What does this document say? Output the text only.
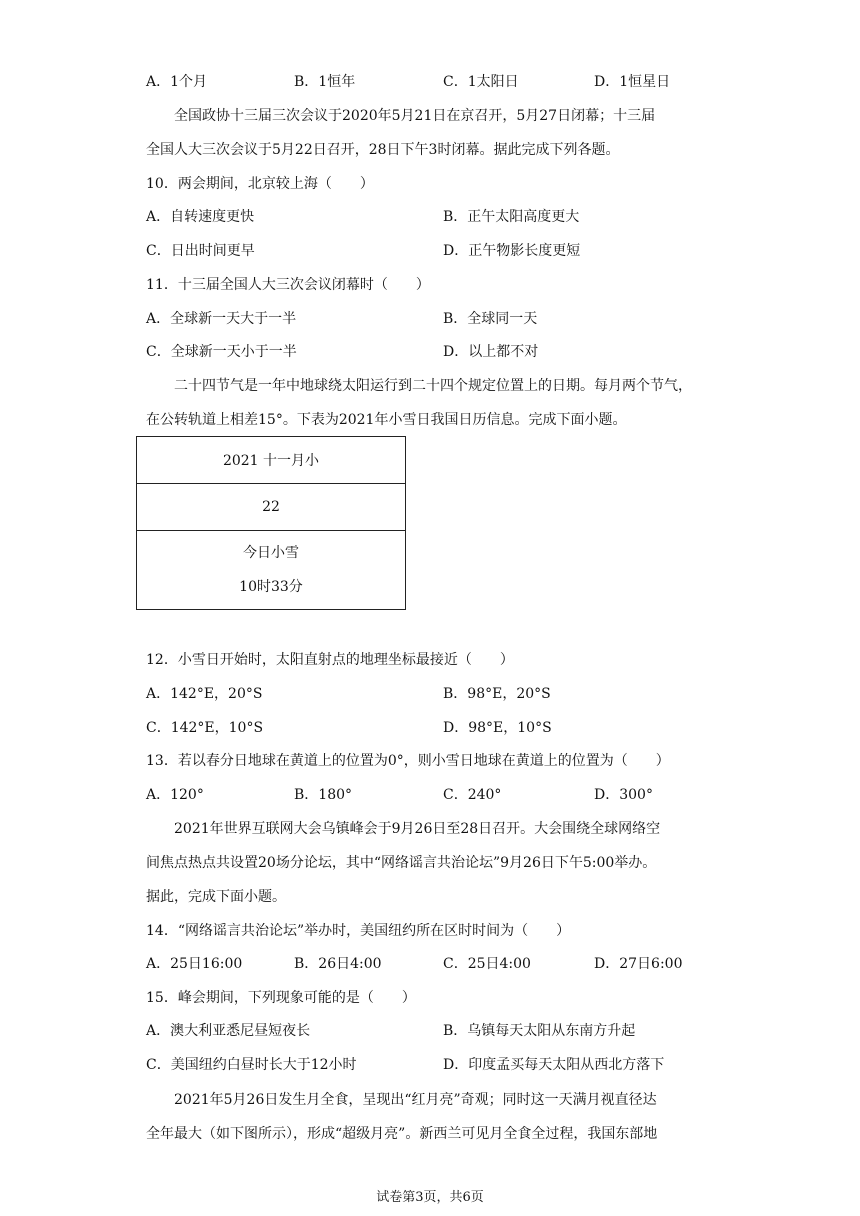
A．1个月	B．1恒年	C．1太阳日	D．1恒星日
全国政协十三届三次会议于2020年5月21日在京召开，5月27日闭幕；十三届
全国人大三次会议于5月22日召开，28日下午3时闭幕。据此完成下列各题。
10．两会期间，北京较上海（　　）
A．自转速度更快	B．正午太阳高度更大
C．日出时间更早	D．正午物影长度更短
11．十三届全国人大三次会议闭幕时（　　）
A．全球新一天大于一半	B．全球同一天
C．全球新一天小于一半	D．以上都不对
二十四节气是一年中地球绕太阳运行到二十四个规定位置上的日期。每月两个节气，
在公转轨道上相差15°。下表为2021年小雪日我国日历信息。完成下面小题。
2021 十一月小
22

今日小雪
10时33分
12．小雪日开始时，太阳直射点的地理坐标最接近（　　）
A．142°E，20°S	B．98°E，20°S
C．142°E，10°S	D．98°E，10°S
13．若以春分日地球在黄道上的位置为0°，则小雪日地球在黄道上的位置为（　　）
A．120°	B．180°	C．240°	D．300°
2021年世界互联网大会乌镇峰会于9月26日至28日召开。大会围绕全球网络空
间焦点热点共设置20场分论坛，其中“网络谣言共治论坛”9月26日下午5:00举办。
据此，完成下面小题。
14．“网络谣言共治论坛”举办时，美国纽约所在区时时间为（　　）
A．25日16:00	B．26日4:00	C．25日4:00	D．27日6:00
15．峰会期间，下列现象可能的是（　　）
A．澳大利亚悉尼昼短夜长	B．乌镇每天太阳从东南方升起
C．美国纽约白昼时长大于12小时	D．印度孟买每天太阳从西北方落下
2021年5月26日发生月全食，呈现出“红月亮”奇观；同时这一天满月视直径达
全年最大（如下图所示），形成“超级月亮”。新西兰可见月全食全过程，我国东部地
试卷第3页，共6页
